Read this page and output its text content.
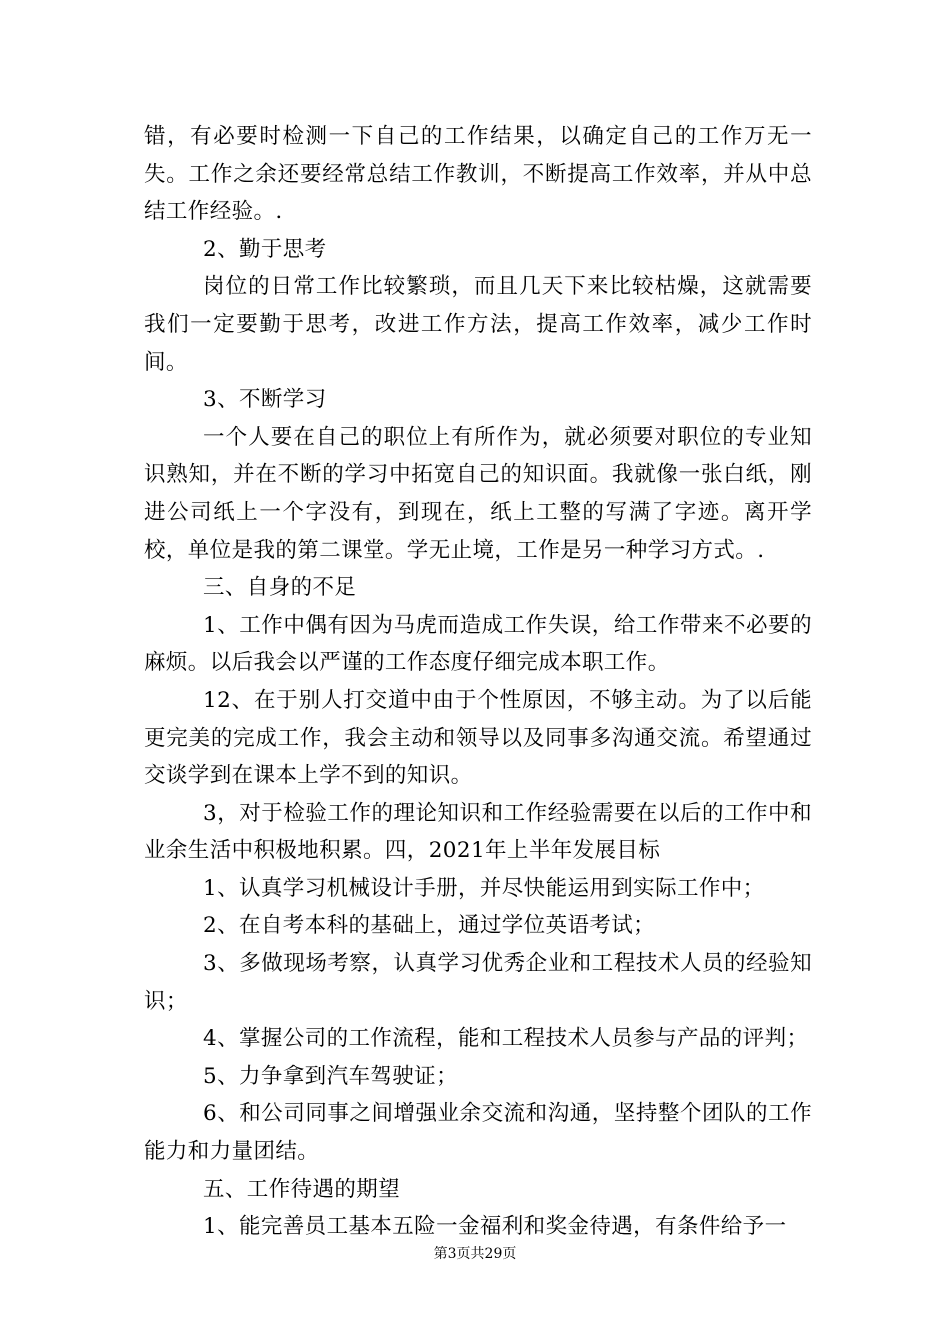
错，有必要时检测一下自己的工作结果，以确定自己的工作万无一失。工作之余还要经常总结工作教训，不断提高工作效率，并从中总结工作经验。.

2、勤于思考

岗位的日常工作比较繁琐，而且几天下来比较枯燥，这就需要我们一定要勤于思考，改进工作方法，提高工作效率，减少工作时间。

3、不断学习

一个人要在自己的职位上有所作为，就必须要对职位的专业知识熟知，并在不断的学习中拓宽自己的知识面。我就像一张白纸，刚进公司纸上一个字没有，到现在，纸上工整的写满了字迹。离开学校，单位是我的第二课堂。学无止境，工作是另一种学习方式。.

三、自身的不足

1、工作中偶有因为马虎而造成工作失误，给工作带来不必要的麻烦。以后我会以严谨的工作态度仔细完成本职工作。

12、在于别人打交道中由于个性原因，不够主动。为了以后能更完美的完成工作，我会主动和领导以及同事多沟通交流。希望通过交谈学到在课本上学不到的知识。

3，对于检验工作的理论知识和工作经验需要在以后的工作中和业余生活中积极地积累。四，2021年上半年发展目标

1、认真学习机械设计手册，并尽快能运用到实际工作中；

2、在自考本科的基础上，通过学位英语考试；

3、多做现场考察，认真学习优秀企业和工程技术人员的经验知识；

4、掌握公司的工作流程，能和工程技术人员参与产品的评判；

5、力争拿到汽车驾驶证；

6、和公司同事之间增强业余交流和沟通，坚持整个团队的工作能力和力量团结。

五、工作待遇的期望

1、能完善员工基本五险一金福利和奖金待遇，有条件给予一

第3页共29页
